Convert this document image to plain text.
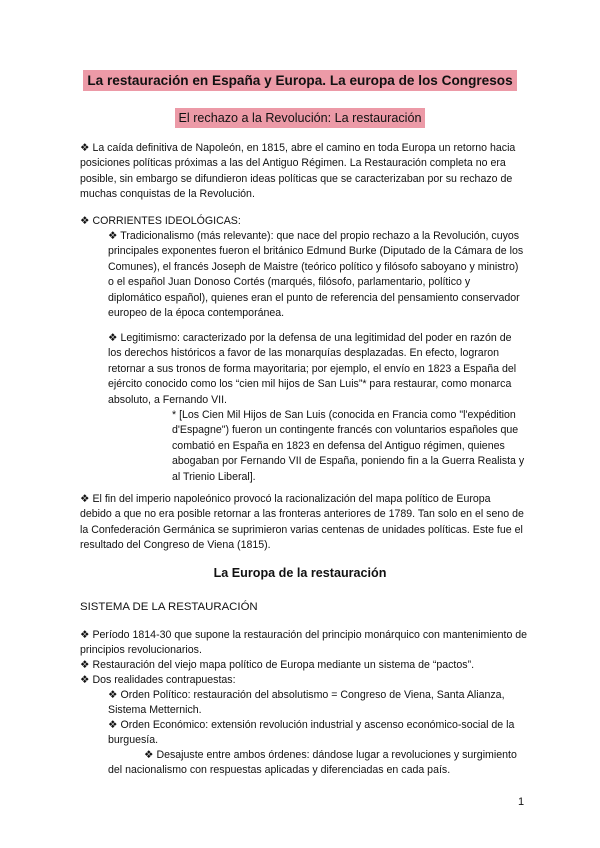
La restauración en España y Europa. La europa de los Congresos
El rechazo a la Revolución: La restauración

❖ La caída definitiva de Napoleón, en 1815, abre el camino en toda Europa un retorno hacia posiciones políticas próximas a las del Antiguo Régimen. La Restauración completa no era posible, sin embargo se difundieron ideas políticas que se caracterizaban por su rechazo de muchas conquistas de la Revolución.

❖ CORRIENTES IDEOLÓGICAS:

❖ Tradicionalismo (más relevante): que nace del propio rechazo a la Revolución, cuyos principales exponentes fueron el británico Edmund Burke (Diputado de la Cámara de los Comunes), el francés Joseph de Maistre (teórico político y filósofo saboyano y ministro) o el español Juan Donoso Cortés (marqués, filósofo, parlamentario, político y diplomático español), quienes eran el punto de referencia del pensamiento conservador europeo de la época contemporánea.

❖ Legitimismo: caracterizado por la defensa de una legitimidad del poder en razón de los derechos históricos a favor de las monarquías desplazadas. En efecto, lograron retornar a sus tronos de forma mayoritaria; por ejemplo, el envío en 1823 a España del ejército conocido como los “cien mil hijos de San Luis”* para restaurar, como monarca absoluto, a Fernando VII.

* [Los Cien Mil Hijos de San Luis (conocida en Francia como "l'expédition d'Espagne") fueron un contingente francés con voluntarios españoles que combatió en España en 1823 en defensa del Antiguo régimen, quienes abogaban por Fernando VII de España, poniendo fin a la Guerra Realista y al Trienio Liberal].

❖ El fin del imperio napoleónico provocó la racionalización del mapa político de Europa debido a que no era posible retornar a las fronteras anteriores de 1789. Tan solo en el seno de la Confederación Germánica se suprimieron varias centenas de unidades políticas. Este fue el resultado del Congreso de Viena (1815).

La Europa de la restauración

SISTEMA DE LA RESTAURACIÓN

❖ Período 1814-30 que supone la restauración del principio monárquico con mantenimiento de principios revolucionarios.

❖ Restauración del viejo mapa político de Europa mediante un sistema de “pactos”.

❖ Dos realidades contrapuestas:

❖ Orden Político: restauración del absolutismo = Congreso de Viena, Santa Alianza, Sistema Metternich.

❖ Orden Económico: extensión revolución industrial y ascenso económico-social de la burguesía.

❖ Desajuste entre ambos órdenes: dándose lugar a revoluciones y surgimiento del nacionalismo con respuestas aplicadas y diferenciadas en cada país.

1
